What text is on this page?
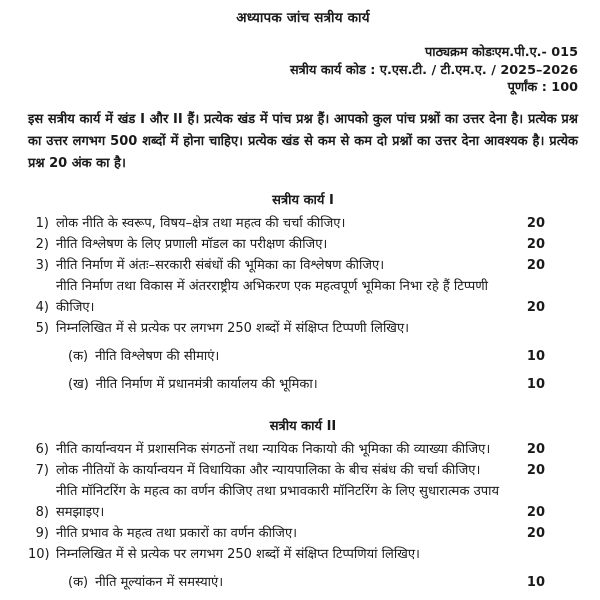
अध्यापक जांच सत्रीय कार्य
पाठ्यक्रम कोडःएम.पी.ए.- 015
सत्रीय कार्य कोड : ए.एस.टी. / टी.एम.ए. / 2025–2026
पूर्णांक : 100

इस सत्रीय कार्य में खंड I और II हैं। प्रत्येक खंड में पांच प्रश्न हैं। आपको कुल पांच प्रश्नों का उत्तर देना है। प्रत्येक प्रश्न का उत्तर लगभग 500 शब्दों में होना चाहिए। प्रत्येक खंड से कम से कम दो प्रश्नों का उत्तर देना आवश्यक है। प्रत्येक प्रश्न 20 अंक का है।

सत्रीय कार्य I
1) लोक नीति के स्वरूप, विषय–क्षेत्र तथा महत्व की चर्चा कीजिए।	20
2) नीति विश्लेषण के लिए प्रणाली मॉडल का परीक्षण कीजिए।	20
3) नीति निर्माण में अंतः–सरकारी संबंधों की भूमिका का विश्लेषण कीजिए।	20
4)
नीति निर्माण तथा विकास में अंतरराष्ट्रीय अभिकरण एक महत्वपूर्ण भूमिका निभा रहे हैं टिप्पणी कीजिए।	20
5) निम्नलिखित में से प्रत्येक पर लगभग 250 शब्दों में संक्षिप्त टिप्पणी लिखिए।
(क) नीति विश्लेषण की सीमाएं।	10
(ख) नीति निर्माण में प्रधानमंत्री कार्यालय की भूमिका।	10
सत्रीय कार्य II
6) नीति कार्यान्वयन में प्रशासनिक संगठनों तथा न्यायिक निकायो की भूमिका की व्याख्या कीजिए।	20
7) लोक नीतियों के कार्यान्वयन में विधायिका और न्यायपालिका के बीच संबंध की चर्चा कीजिए।	20
8)
नीति मॉनिटरिंग के महत्व का वर्णन कीजिए तथा प्रभावकारी मॉनिटरिंग के लिए सुधारात्मक उपाय समझाइए।	20
9) नीति प्रभाव के महत्व तथा प्रकारों का वर्णन कीजिए।	20
10) निम्नलिखित में से प्रत्येक पर लगभग 250 शब्दों में संक्षिप्त टिप्पणियां लिखिए।
(क) नीति मूल्यांकन में समस्याएं।	10
